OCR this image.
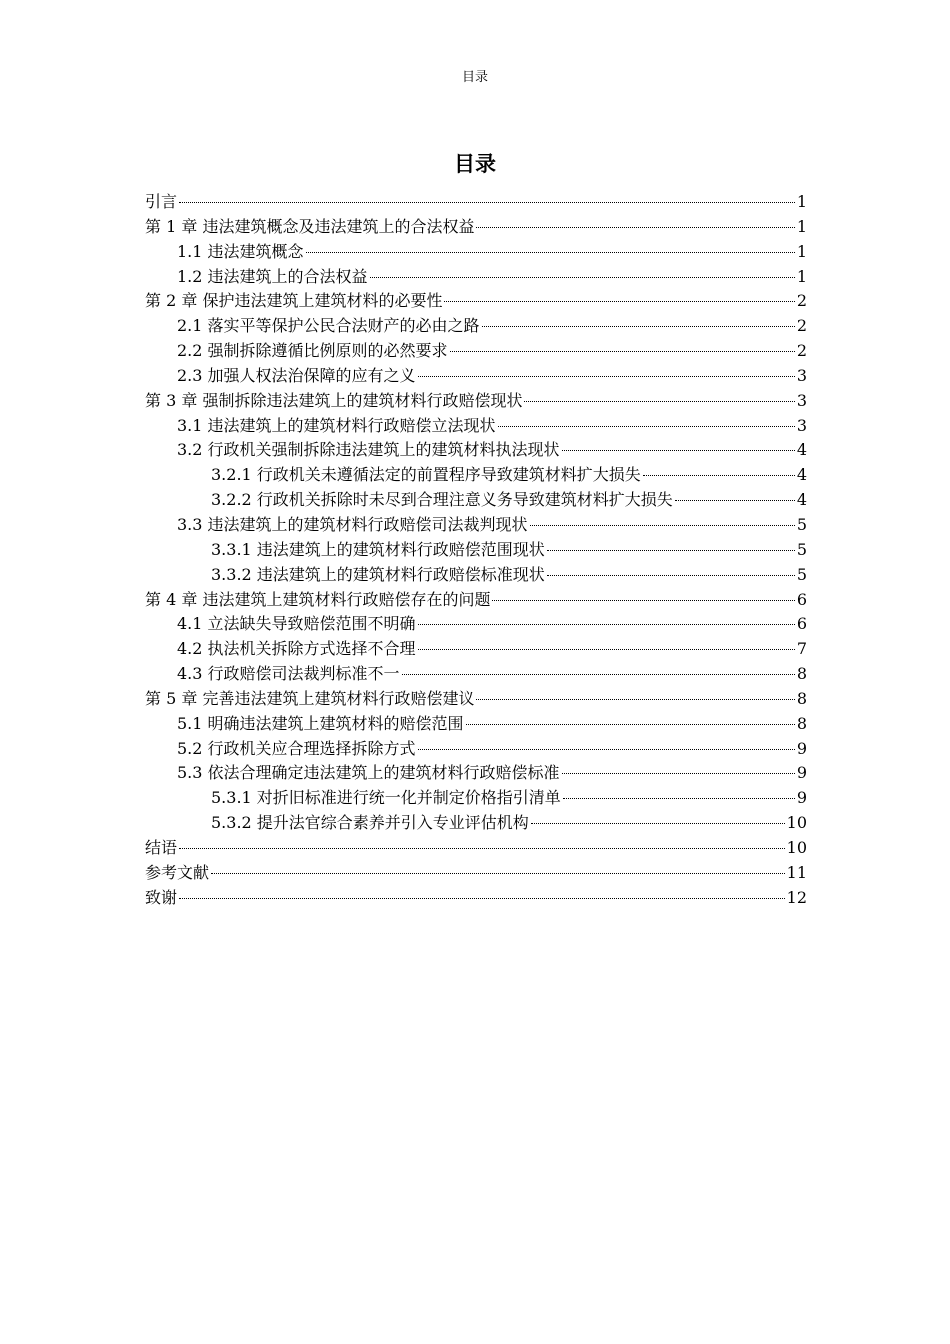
目录
目录
引言	1
第 1 章 违法建筑概念及违法建筑上的合法权益	1
1.1 违法建筑概念	1
1.2 违法建筑上的合法权益	1
第 2 章 保护违法建筑上建筑材料的必要性	2
2.1 落实平等保护公民合法财产的必由之路	2
2.2 强制拆除遵循比例原则的必然要求	2
2.3 加强人权法治保障的应有之义	3
第 3 章 强制拆除违法建筑上的建筑材料行政赔偿现状	3
3.1 违法建筑上的建筑材料行政赔偿立法现状	3
3.2 行政机关强制拆除违法建筑上的建筑材料执法现状	4
3.2.1 行政机关未遵循法定的前置程序导致建筑材料扩大损失	4
3.2.2 行政机关拆除时未尽到合理注意义务导致建筑材料扩大损失	4
3.3 违法建筑上的建筑材料行政赔偿司法裁判现状	5
3.3.1 违法建筑上的建筑材料行政赔偿范围现状	5
3.3.2 违法建筑上的建筑材料行政赔偿标准现状	5
第 4 章 违法建筑上建筑材料行政赔偿存在的问题	6
4.1 立法缺失导致赔偿范围不明确	6
4.2 执法机关拆除方式选择不合理	7
4.3 行政赔偿司法裁判标准不一	8
第 5 章 完善违法建筑上建筑材料行政赔偿建议	8
5.1 明确违法建筑上建筑材料的赔偿范围	8
5.2 行政机关应合理选择拆除方式	9
5.3 依法合理确定违法建筑上的建筑材料行政赔偿标准	9
5.3.1 对折旧标准进行统一化并制定价格指引清单	9
5.3.2 提升法官综合素养并引入专业评估机构	10
结语	10
参考文献	11
致谢	12
